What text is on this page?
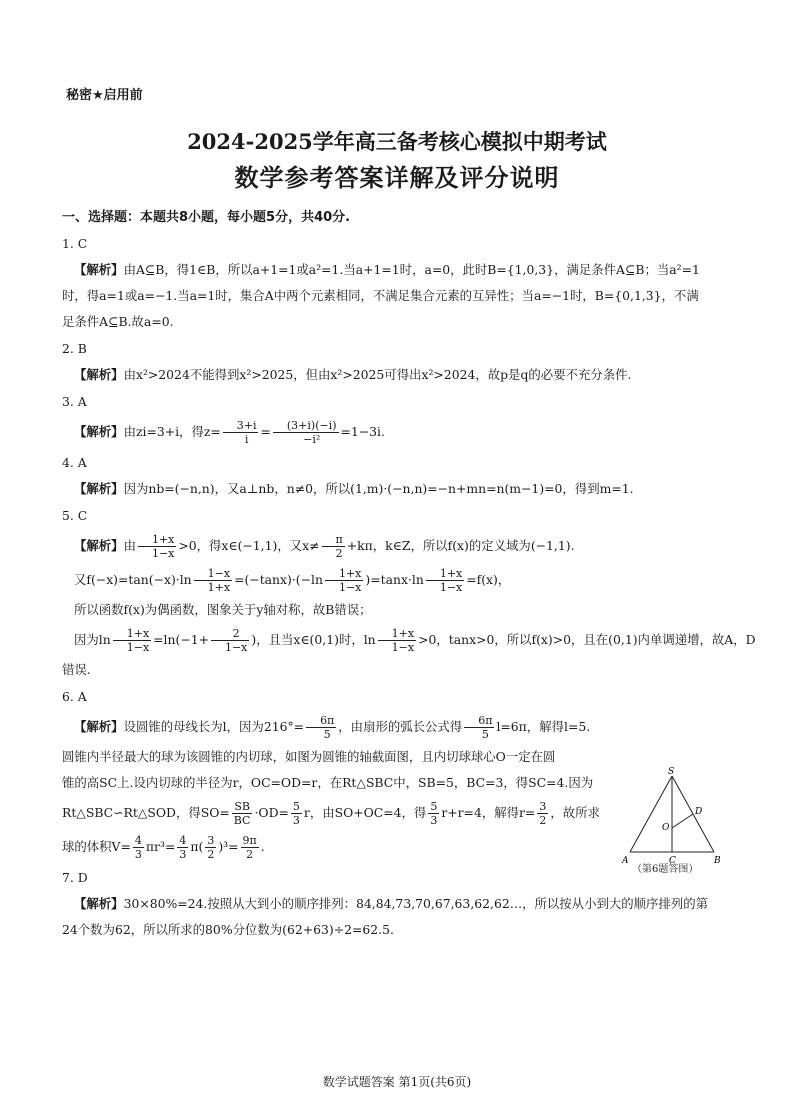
秘密★启用前
2024-2025学年高三备考核心模拟中期考试
数学参考答案详解及评分说明
一、选择题：本题共8小题，每小题5分，共40分.

1. C

【解析】由A⊆B，得1∈B，所以a+1=1或a²=1.当a+1=1时，a=0，此时B={1,0,3}，满足条件A⊆B；当a²=1

时，得a=1或a=−1.当a=1时，集合A中两个元素相同，不满足集合元素的互异性；当a=−1时，B={0,1,3}，不满

足条件A⊆B.故a=0.

2. B

【解析】由x²>2024不能得到x²>2025，但由x²>2025可得出x²>2024，故p是q的必要不充分条件.

3. A

【解析】由zi=3+i，得$z= \frac{3+i}{i} = \frac{(3+i)(-i)}{\text{−i²}} =1-3i$.

4. A

【解析】因为nb=(−n,n)，又a⊥nb，n≠0，所以(1,m)·(−n,n)=−n+mn=n(m−1)=0，得到m=1.

5. C

【解析】由 $\frac{1+x}{1-x} >0$，得x∈(−1,1)，又$x\ne \frac{\pi}{2} +k\pi$，k∈Z，所以f(x)的定义域为(−1,1).

又$f(-x)=\tan(-x)\cdot\ln \frac{1-x}{1+x} =(-\tan x)\cdot(-\ln \frac{1+x}{1-x} )=\tan x\cdot\ln \frac{1+x}{1-x} =f(x)$，

所以函数f(x)为偶函数，图象关于y轴对称，故B错误；

因为$\ln \frac{1+x}{1-x} =\ln(-1+ \frac{2}{1-x}$ )，且当x∈(0,1)时，$\ln \frac{1+x}{1-x} >0$，tanx>0，所以f(x)>0，且在(0,1)内单调递增，故A，D

错误.

6. A

【解析】设圆锥的母线长为l，因为$216^\circ= \frac{6\pi}{5}$ ，由扇形的弧长公式得 $\frac{6\pi}{5} l=6\pi$，解得l=5.

圆锥内半径最大的球为该圆锥的内切球，如图为圆锥的轴截面图，且内切球球心O一定在圆

锥的高SC上.设内切球的半径为r，OC=OD=r，在Rt△SBC中，SB=5，BC=3，得SC=4.因为

Rt△SBC∽Rt△SOD，得$SO= \frac{SB}{BC} \cdot OD= \frac{5}{3}$ r，由SO+OC=4，得 $\frac{5}{3} r+r=4$，解得$r= \frac{3}{2}$ ，故所求

球的体积$V= \frac{4}{3} \pi r^3= \frac{4}{3} \pi( \frac{3}{2} )^3= \frac{9\pi}{2}$ .

7. D

【解析】30×80%=24.按照从大到小的顺序排列：84,84,73,70,67,63,62,62…，所以按从小到大的顺序排列的第

24个数为62，所以所求的80%分位数为(62+63)÷2=62.5.

S
D
O
A	C	B
（第6题答图）
数学试题答案 第1页(共6页)
